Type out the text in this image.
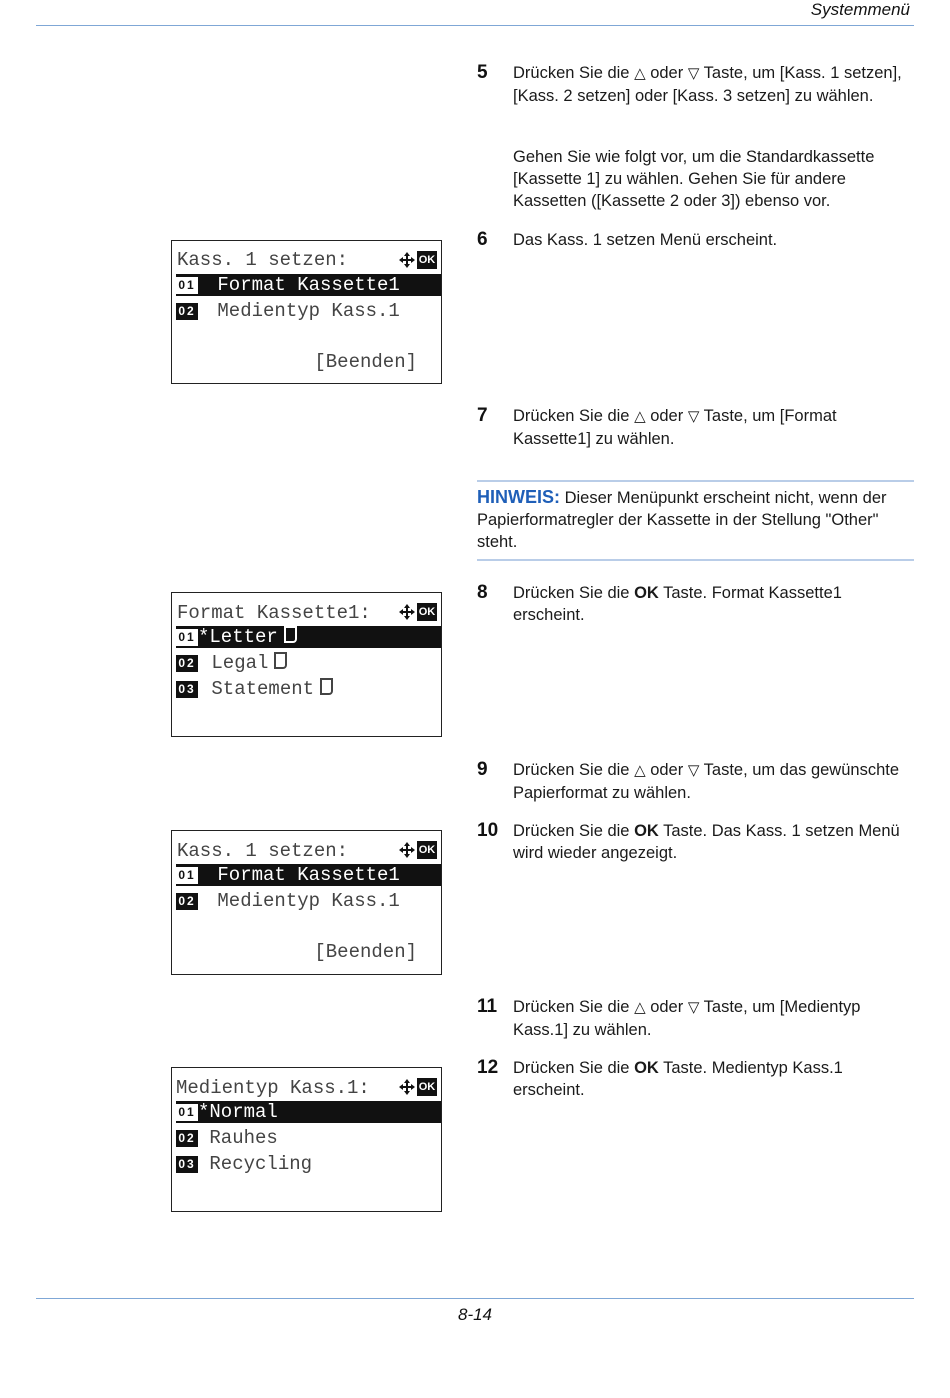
Systemmenü
5 Drücken Sie die △ oder ▽ Taste, um [Kass. 1 setzen], [Kass. 2 setzen] oder [Kass. 3 setzen] zu wählen.
Gehen Sie wie folgt vor, um die Standardkassette [Kassette 1] zu wählen. Gehen Sie für andere Kassetten ([Kassette 2 oder 3]) ebenso vor.
6 Das Kass. 1 setzen Menü erscheint.
Kass. 1 setzen:	OK
01 Format Kassette1
02 Medientyp Kass.1
[Beenden]
7 Drücken Sie die △ oder ▽ Taste, um [Format Kassette1] zu wählen.
HINWEIS: Dieser Menüpunkt erscheint nicht, wenn der Papierformatregler der Kassette in der Stellung "Other" steht.
8 Drücken Sie die OK Taste. Format Kassette1 erscheint.
Format Kassette1:	OK
01 *Letter
02 Legal
03 Statement
9 Drücken Sie die △ oder ▽ Taste, um das gewünschte Papierformat zu wählen.
10 Drücken Sie die OK Taste. Das Kass. 1 setzen Menü wird wieder angezeigt.
Kass. 1 setzen:	OK
01 Format Kassette1
02 Medientyp Kass.1
[Beenden]
11 Drücken Sie die △ oder ▽ Taste, um [Medientyp Kass.1] zu wählen.
12 Drücken Sie die OK Taste. Medientyp Kass.1 erscheint.
Medientyp Kass.1:	OK
01 *Normal
02 Rauhes
03 Recycling
8-14
